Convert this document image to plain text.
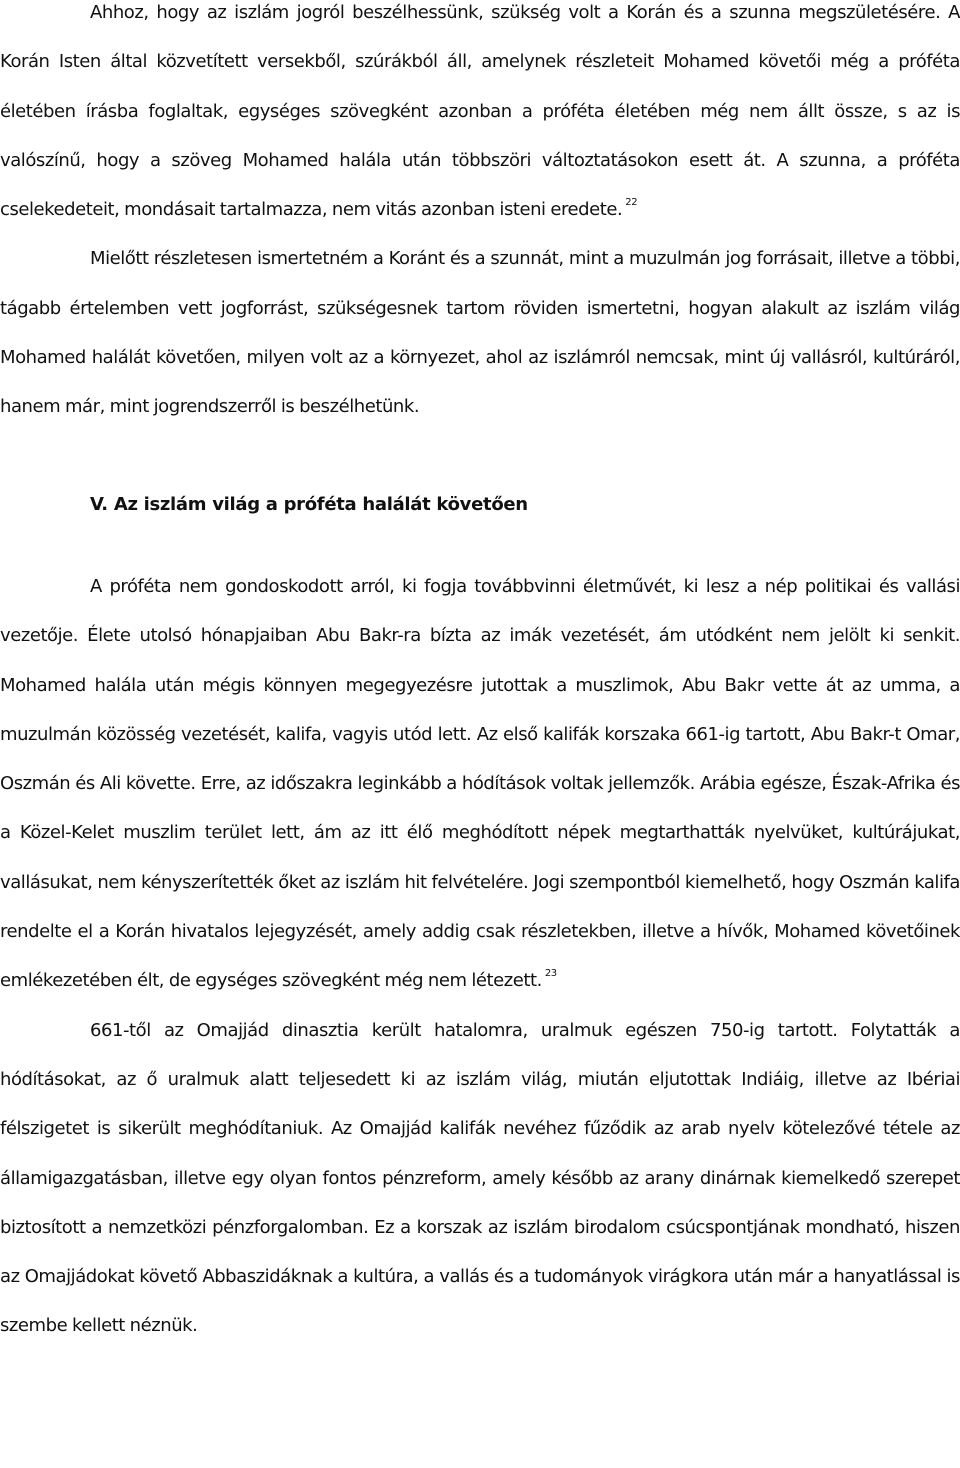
Ahhoz, hogy az iszlám jogról beszélhessünk, szükség volt a Korán és a szunna megszületésére. A Korán Isten által közvetített versekből, szúrákból áll, amelynek részleteit Mohamed követői még a próféta életében írásba foglaltak, egységes szövegként azonban a próféta életében még nem állt össze, s az is valószínű, hogy a szöveg Mohamed halála után többszöri változtatásokon esett át. A szunna, a próféta cselekedeteit, mondásait tartalmazza, nem vitás azonban isteni eredete. $^{22}$

Mielőtt részletesen ismertetném a Koránt és a szunnát, mint a muzulmán jog forrásait, illetve a többi, tágabb értelemben vett jogforrást, szükségesnek tartom röviden ismertetni, hogyan alakult az iszlám világ Mohamed halálát követően, milyen volt az a környezet, ahol az iszlámról nemcsak, mint új vallásról, kultúráról, hanem már, mint jogrendszerről is beszélhetünk.

V. Az iszlám világ a próféta halálát követően

A próféta nem gondoskodott arról, ki fogja továbbvinni életművét, ki lesz a nép politikai és vallási vezetője. Élete utolsó hónapjaiban Abu Bakr-ra bízta az imák vezetését, ám utódként nem jelölt ki senkit. Mohamed halála után mégis könnyen megegyezésre jutottak a muszlimok, Abu Bakr vette át az umma, a muzulmán közösség vezetését, kalifa, vagyis utód lett. Az első kalifák korszaka 661-ig tartott, Abu Bakr-t Omar, Oszmán és Ali követte. Erre, az időszakra leginkább a hódítások voltak jellemzők. Arábia egésze, Észak-Afrika és a Közel-Kelet muszlim terület lett, ám az itt élő meghódított népek megtarthatták nyelvüket, kultúrájukat, vallásukat, nem kényszerítették őket az iszlám hit felvételére. Jogi szempontból kiemelhető, hogy Oszmán kalifa rendelte el a Korán hivatalos lejegyzését, amely addig csak részletekben, illetve a hívők, Mohamed követőinek emlékezetében élt, de egységes szövegként még nem létezett. $^{23}$

661-től az Omajjád dinasztia került hatalomra, uralmuk egészen 750-ig tartott. Folytatták a hódításokat, az ő uralmuk alatt teljesedett ki az iszlám világ, miután eljutottak Indiáig, illetve az Ibériai félszigetet is sikerült meghódítaniuk. Az Omajjád kalifák nevéhez fűződik az arab nyelv kötelezővé tétele az államigazgatásban, illetve egy olyan fontos pénzreform, amely később az arany dinárnak kiemelkedő szerepet biztosított a nemzetközi pénzforgalomban. Ez a korszak az iszlám birodalom csúcspontjának mondható, hiszen az Omajjádokat követő Abbaszidáknak a kultúra, a vallás és a tudományok virágkora után már a hanyatlással is szembe kellett néznük.
